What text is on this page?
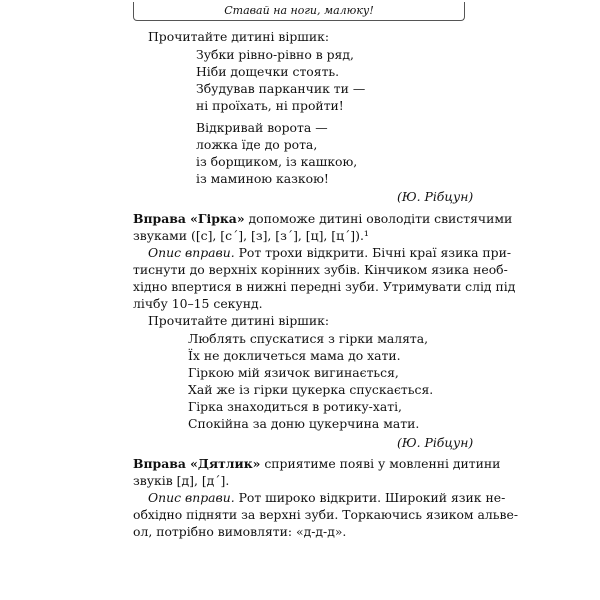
Ставай на ноги, малюку!
Прочитайте дитині віршик:
Зубки рівно-рівно в ряд,
Ніби дощечки стоять.
Збудував парканчик ти —
ні проїхать, ні пройти!
Відкривай ворота —
ложка їде до рота,
із борщиком, із кашкою,
із маминою казкою!
(Ю. Рібцун)
Вправа «Гірка» допоможе дитині оволодіти свистячими
звуками ([с], [с´], [з], [з´], [ц], [ц´]).¹
Опис вправи. Рот трохи відкрити. Бічні краї язика при-
тиснути до верхніх корінних зубів. Кінчиком язика необ-
хідно впертися в нижні передні зуби. Утримувати слід під
лічбу 10–15 секунд.
Прочитайте дитині віршик:
Люблять спускатися з гірки малята,
Їх не докличеться мама до хати.
Гіркою мій язичок вигинається,
Хай же із гірки цукерка спускається.
Гірка знаходиться в ротику-хаті,
Спокійна за доню цукерчина мати.
(Ю. Рібцун)
Вправа «Дятлик» сприятиме появі у мовленні дитини
звуків [д], [д´].
Опис вправи. Рот широко відкрити. Широкий язик не-
обхідно підняти за верхні зуби. Торкаючись язиком альве-
ол, потрібно вимовляти: «д-д-д».
